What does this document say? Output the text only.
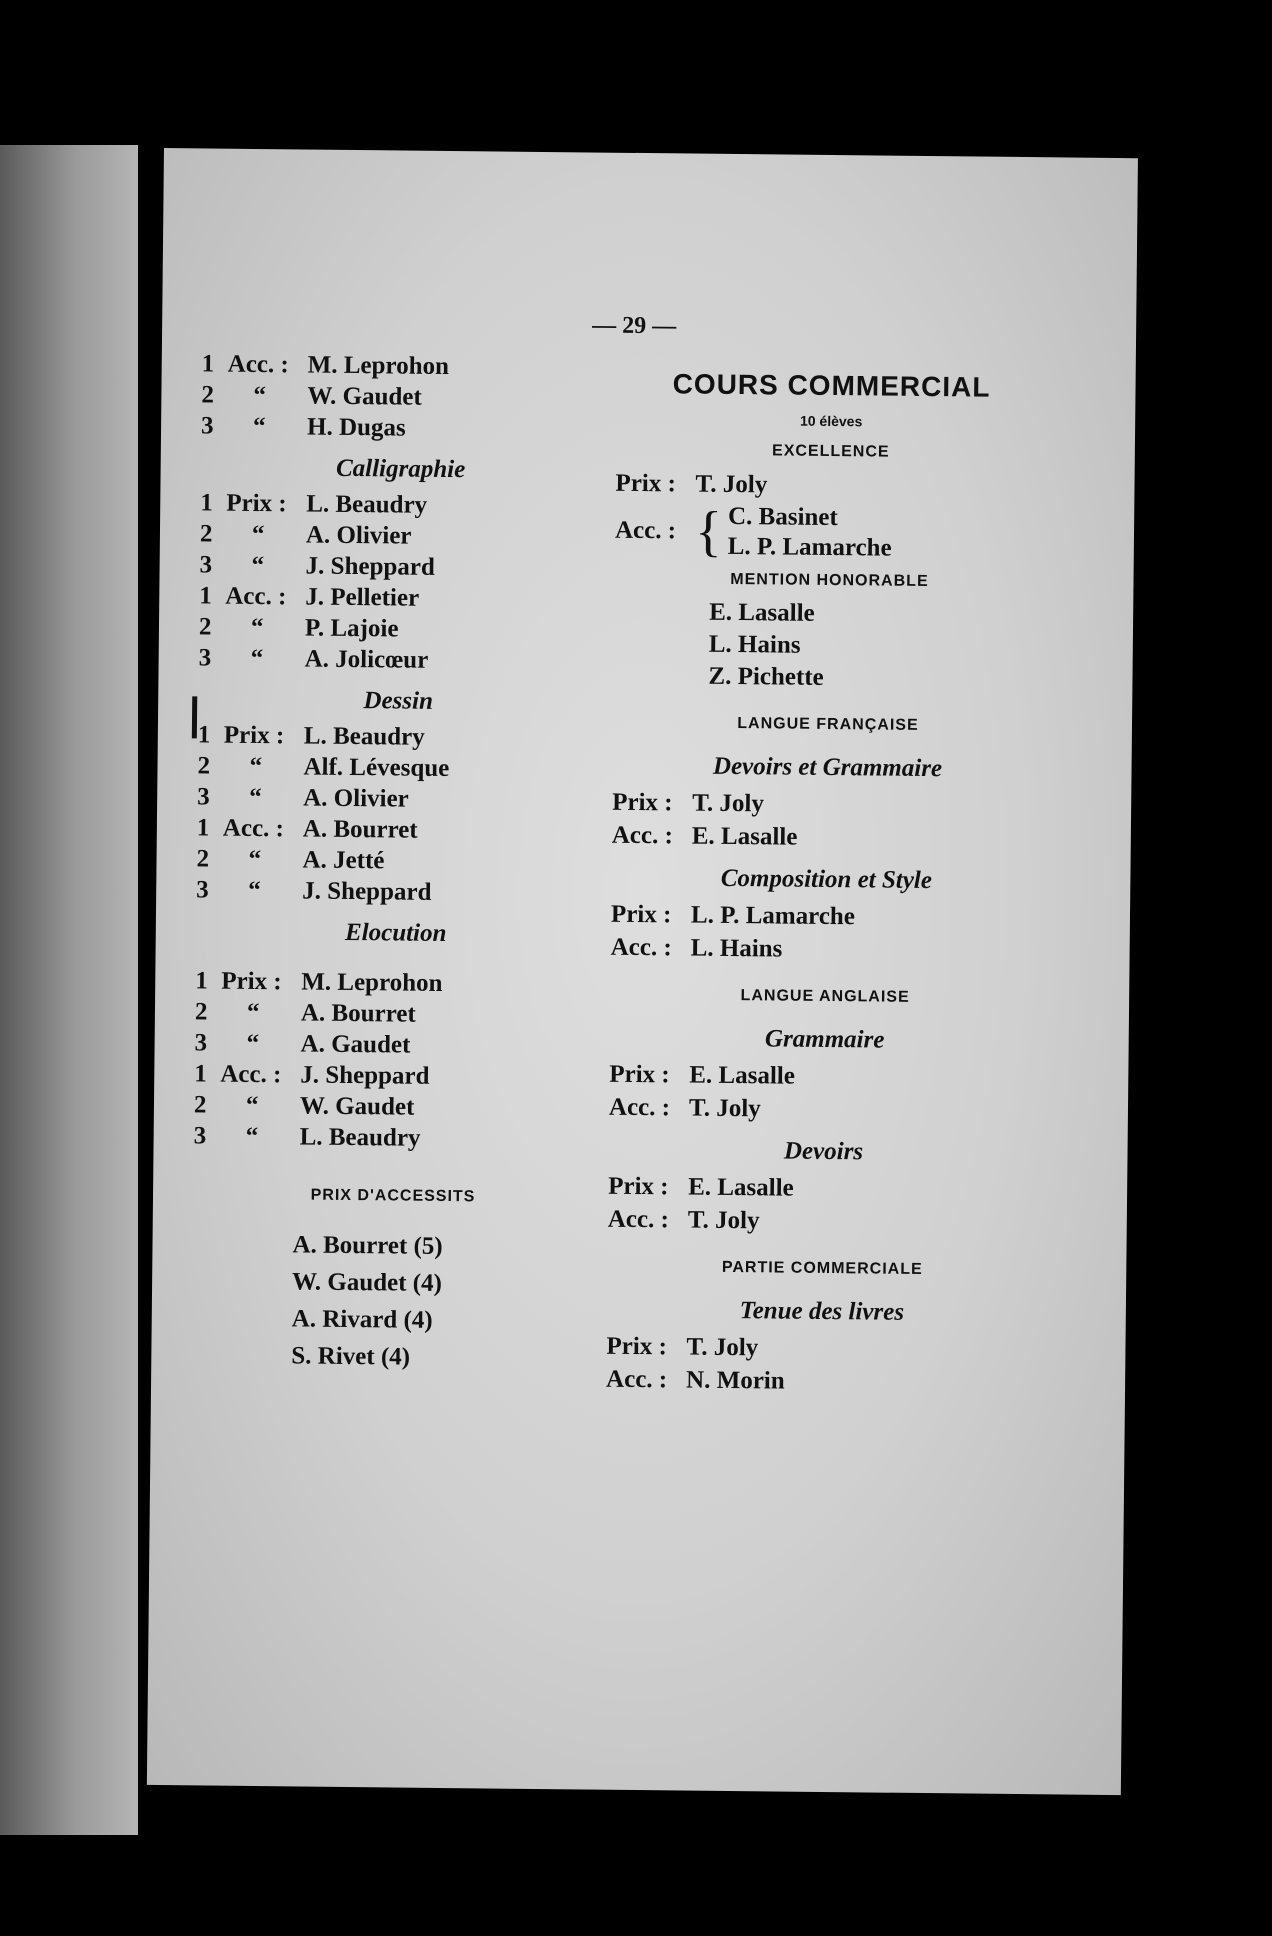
— 29 —
1 Acc. : M. Leprohon
2	“	W. Gaudet
3	“	H. Dugas
Calligraphie
1 Prix : L. Beaudry
2	“	A. Olivier
3	“	J. Sheppard
1 Acc. : J. Pelletier
2	“	P. Lajoie
3	“	A. Jolicœur
Dessin
1 Prix : L. Beaudry
2	“	Alf. Lévesque
3	“	A. Olivier
1 Acc. : A. Bourret
2	“	A. Jetté
3	“	J. Sheppard
Elocution
1 Prix : M. Leprohon
2	“	A. Bourret
3	“	A. Gaudet
1 Acc. : J. Sheppard
2	“	W. Gaudet
3	“	L. Beaudry
PRIX D'ACCESSITS
A. Bourret (5)
W. Gaudet (4)
A. Rivard (4)
S. Rivet (4)
COURS COMMERCIAL
10 élèves
EXCELLENCE
Prix : T. Joly
Acc. : { C. Basinet
L. P. Lamarche
MENTION HONORABLE
E. Lasalle
L. Hains
Z. Pichette
LANGUE FRANÇAISE
Devoirs et Grammaire
Prix : T. Joly
Acc. : E. Lasalle
Composition et Style
Prix : L. P. Lamarche
Acc. : L. Hains
LANGUE ANGLAISE
Grammaire
Prix : E. Lasalle
Acc. : T. Joly
Devoirs
Prix : E. Lasalle
Acc. : T. Joly
PARTIE COMMERCIALE
Tenue des livres
Prix : T. Joly
Acc. : N. Morin
